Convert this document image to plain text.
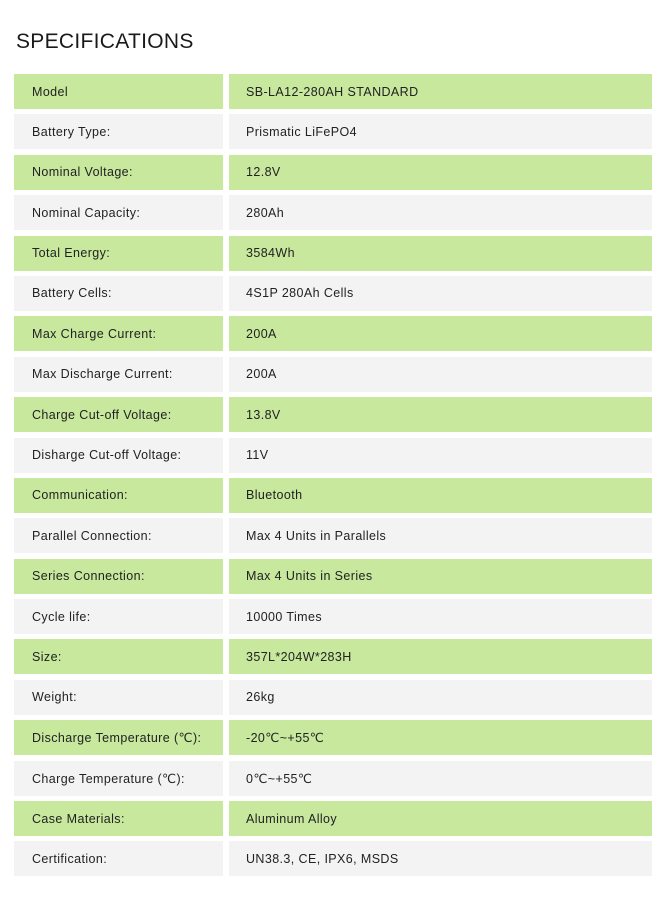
SPECIFICATIONS
Model	SB-LA12-280AH STANDARD
Battery Type:	Prismatic LiFePO4
Nominal Voltage:	12.8V
Nominal Capacity:	280Ah
Total Energy:	3584Wh
Battery Cells:	4S1P 280Ah Cells
Max Charge Current:	200A
Max Discharge Current:	200A
Charge Cut-off Voltage:	13.8V
Disharge Cut-off Voltage:	11V
Communication:	Bluetooth
Parallel Connection:	Max 4 Units in Parallels
Series Connection:	Max 4 Units in Series
Cycle life:	10000 Times
Size:	357L*204W*283H
Weight:	26kg
Discharge Temperature (℃):	-20℃~+55℃
Charge Temperature (℃):	0℃~+55℃
Case Materials:	Aluminum Alloy
Certification:	UN38.3, CE, IPX6, MSDS
